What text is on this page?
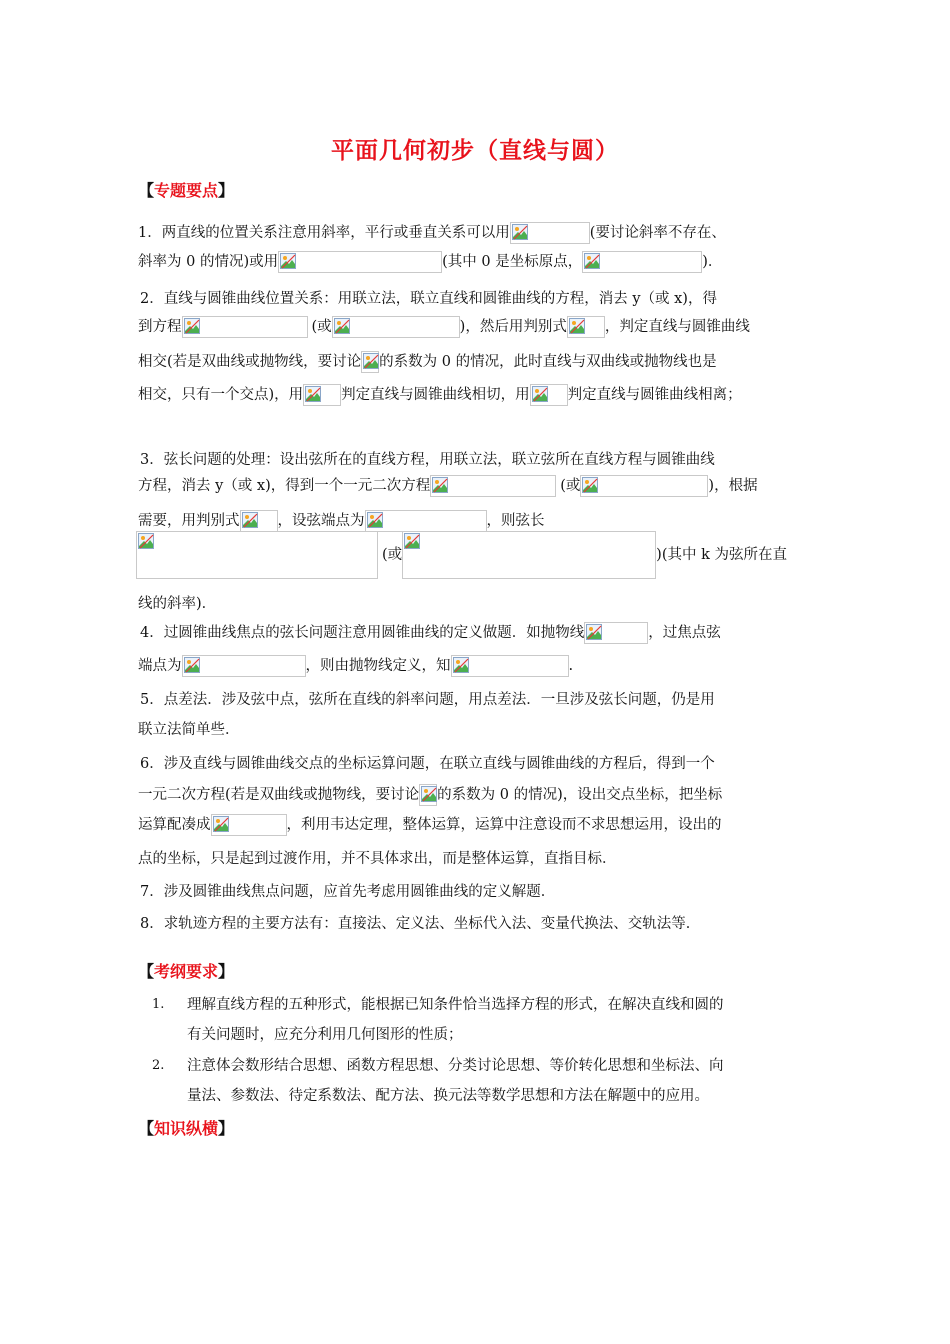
平面几何初步（直线与圆）
【专题要点】
1．两直线的位置关系注意用斜率，平行或垂直关系可以用	(要讨论斜率不存在、
斜率为 0 的情况)或用	(其中 0 是坐标原点，	)．
2．直线与圆锥曲线位置关系：用联立法，联立直线和圆锥曲线的方程，消去 y（或 x)，得
到方程	(或	)，然后用判别式	，判定直线与圆锥曲线
相交(若是双曲线或抛物线，要讨论 的系数为 0 的情况，此时直线与双曲线或抛物线也是
相交，只有一个交点)，用	判定直线与圆锥曲线相切，用	判定直线与圆锥曲线相离；
3．弦长问题的处理：设出弦所在的直线方程，用联立法，联立弦所在直线方程与圆锥曲线
方程，消去 y（或 x)，得到一个一元二次方程	(或	)，根据
需要，用判别式	，设弦端点为	，则弦长
(或	)(其中 k 为弦所在直
线的斜率)．
4．过圆锥曲线焦点的弦长问题注意用圆锥曲线的定义做题．如抛物线	，过焦点弦
端点为	，则由抛物线定义，知	.
5．点差法．涉及弦中点，弦所在直线的斜率问题，用点差法．一旦涉及弦长问题，仍是用
联立法简单些．
6．涉及直线与圆锥曲线交点的坐标运算问题，在联立直线与圆锥曲线的方程后，得到一个
一元二次方程(若是双曲线或抛物线，要讨论 的系数为 0 的情况)，设出交点坐标，把坐标
运算配凑成	，利用韦达定理，整体运算，运算中注意设而不求思想运用，设出的
点的坐标，只是起到过渡作用，并不具体求出，而是整体运算，直指目标．
7．涉及圆锥曲线焦点问题，应首先考虑用圆锥曲线的定义解题．
8．求轨迹方程的主要方法有：直接法、定义法、坐标代入法、变量代换法、交轨法等．
【考纲要求】
1. 理解直线方程的五种形式，能根据已知条件恰当选择方程的形式，在解决直线和圆的
有关问题时，应充分利用几何图形的性质；
2. 注意体会数形结合思想、函数方程思想、分类讨论思想、等价转化思想和坐标法、向
量法、参数法、待定系数法、配方法、换元法等数学思想和方法在解题中的应用。
【知识纵横】
